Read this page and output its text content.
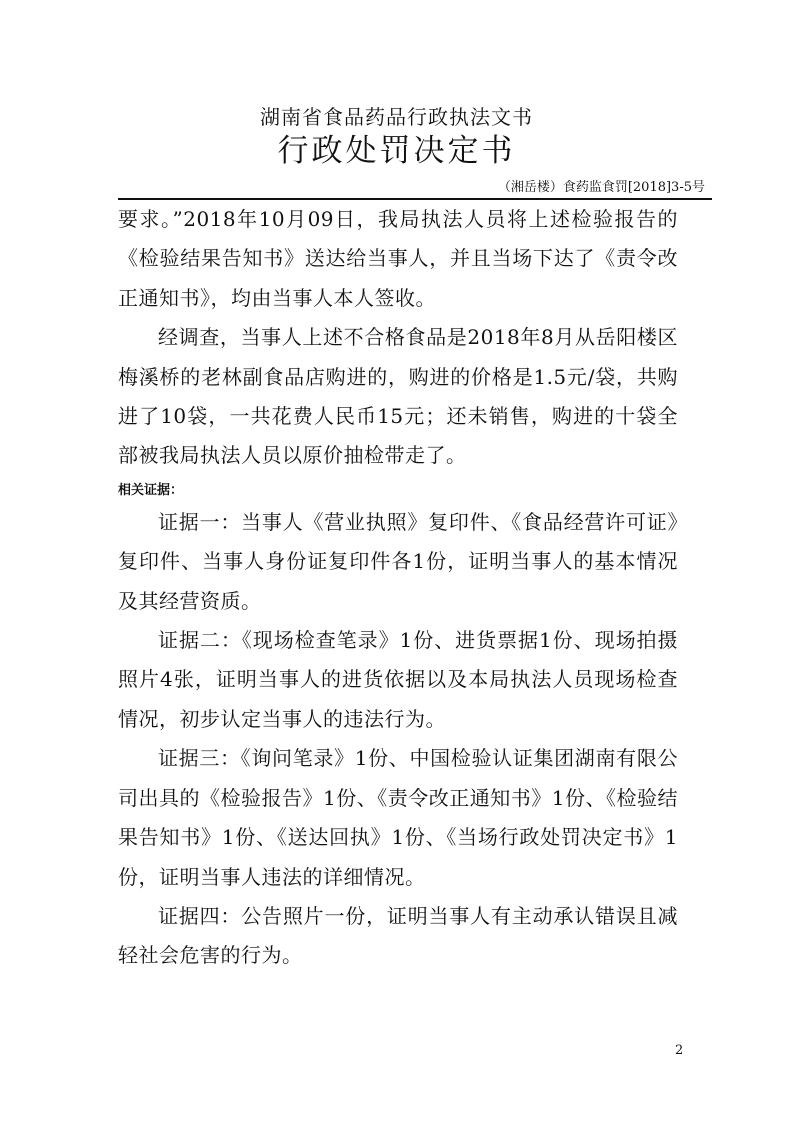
湖南省食品药品行政执法文书
行政处罚决定书
（湘岳楼）食药监食罚[2018]3-5号

要求。”2018年10月09日，我局执法人员将上述检验报告的《检验结果告知书》送达给当事人，并且当场下达了《责令改正通知书》，均由当事人本人签收。

经调查，当事人上述不合格食品是2018年8月从岳阳楼区梅溪桥的老林副食品店购进的，购进的价格是1.5元/袋，共购进了10袋，一共花费人民币15元；还未销售，购进的十袋全部被我局执法人员以原价抽检带走了。

相关证据：

证据一：当事人《营业执照》复印件、《食品经营许可证》复印件、当事人身份证复印件各1份，证明当事人的基本情况及其经营资质。

证据二：《现场检查笔录》1份、进货票据1份、现场拍摄照片4张，证明当事人的进货依据以及本局执法人员现场检查情况，初步认定当事人的违法行为。

证据三：《询问笔录》1份、中国检验认证集团湖南有限公司出具的《检验报告》1份、《责令改正通知书》1份、《检验结果告知书》1份、《送达回执》1份、《当场行政处罚决定书》1份，证明当事人违法的详细情况。

证据四：公告照片一份，证明当事人有主动承认错误且减轻社会危害的行为。

2
